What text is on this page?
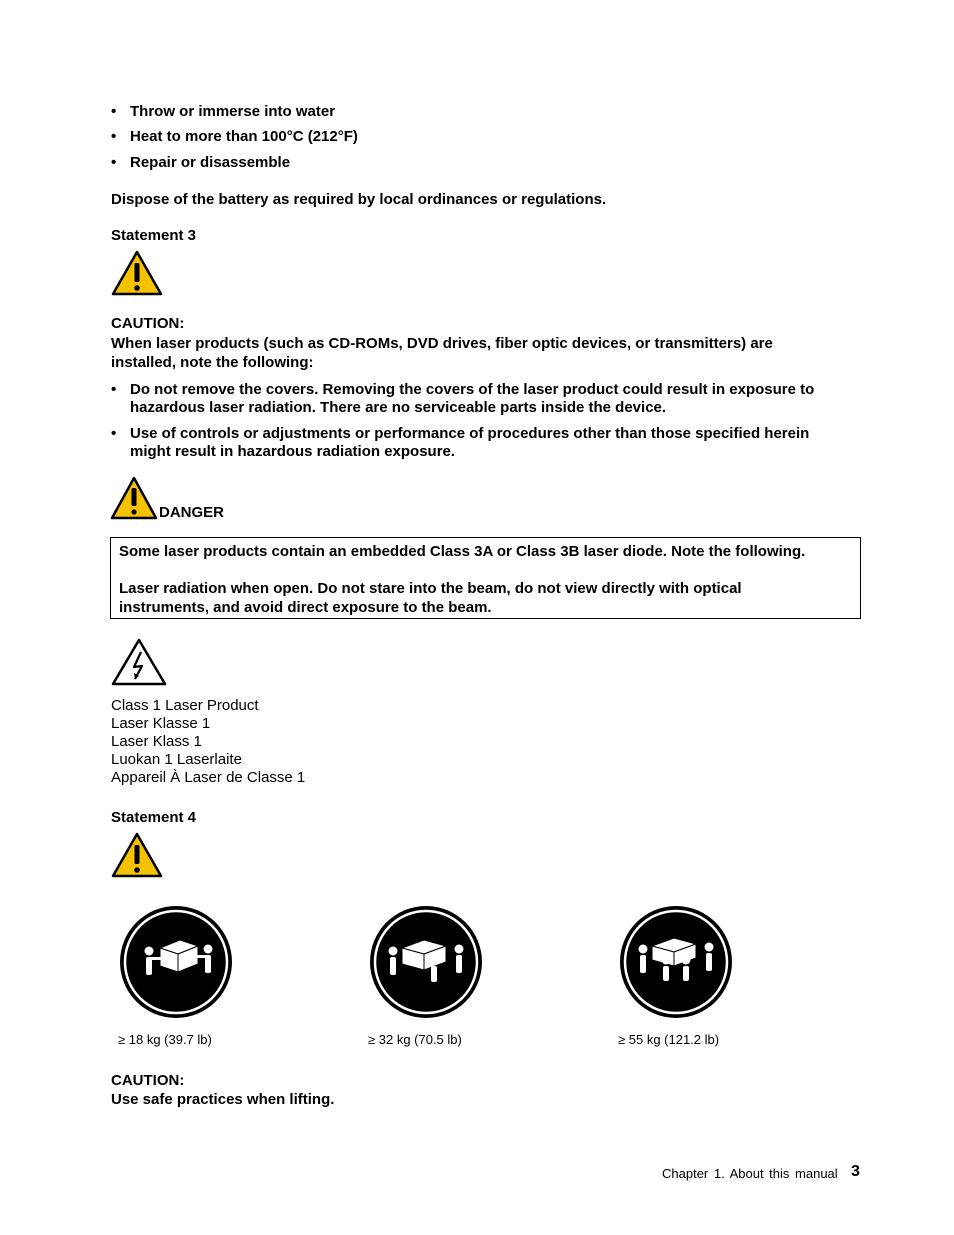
• Throw or immerse into water
• Heat to more than 100°C (212°F)
• Repair or disassemble
Dispose of the battery as required by local ordinances or regulations.
Statement 3
CAUTION:
When laser products (such as CD-ROMs, DVD drives, fiber optic devices, or transmitters) are installed, note the following:
• Do not remove the covers. Removing the covers of the laser product could result in exposure to hazardous laser radiation. There are no serviceable parts inside the device.
• Use of controls or adjustments or performance of procedures other than those specified herein might result in hazardous radiation exposure.
DANGER
Some laser products contain an embedded Class 3A or Class 3B laser diode. Note the following.
Laser radiation when open. Do not stare into the beam, do not view directly with optical instruments, and avoid direct exposure to the beam.
Class 1 Laser Product
Laser Klasse 1
Laser Klass 1
Luokan 1 Laserlaite
Appareil À Laser de Classe 1
Statement 4
≥ 18 kg (39.7 lb)	≥ 32 kg (70.5 lb)	≥ 55 kg (121.2 lb)
CAUTION:
Use safe practices when lifting.
Chapter 1. About this manual 3
